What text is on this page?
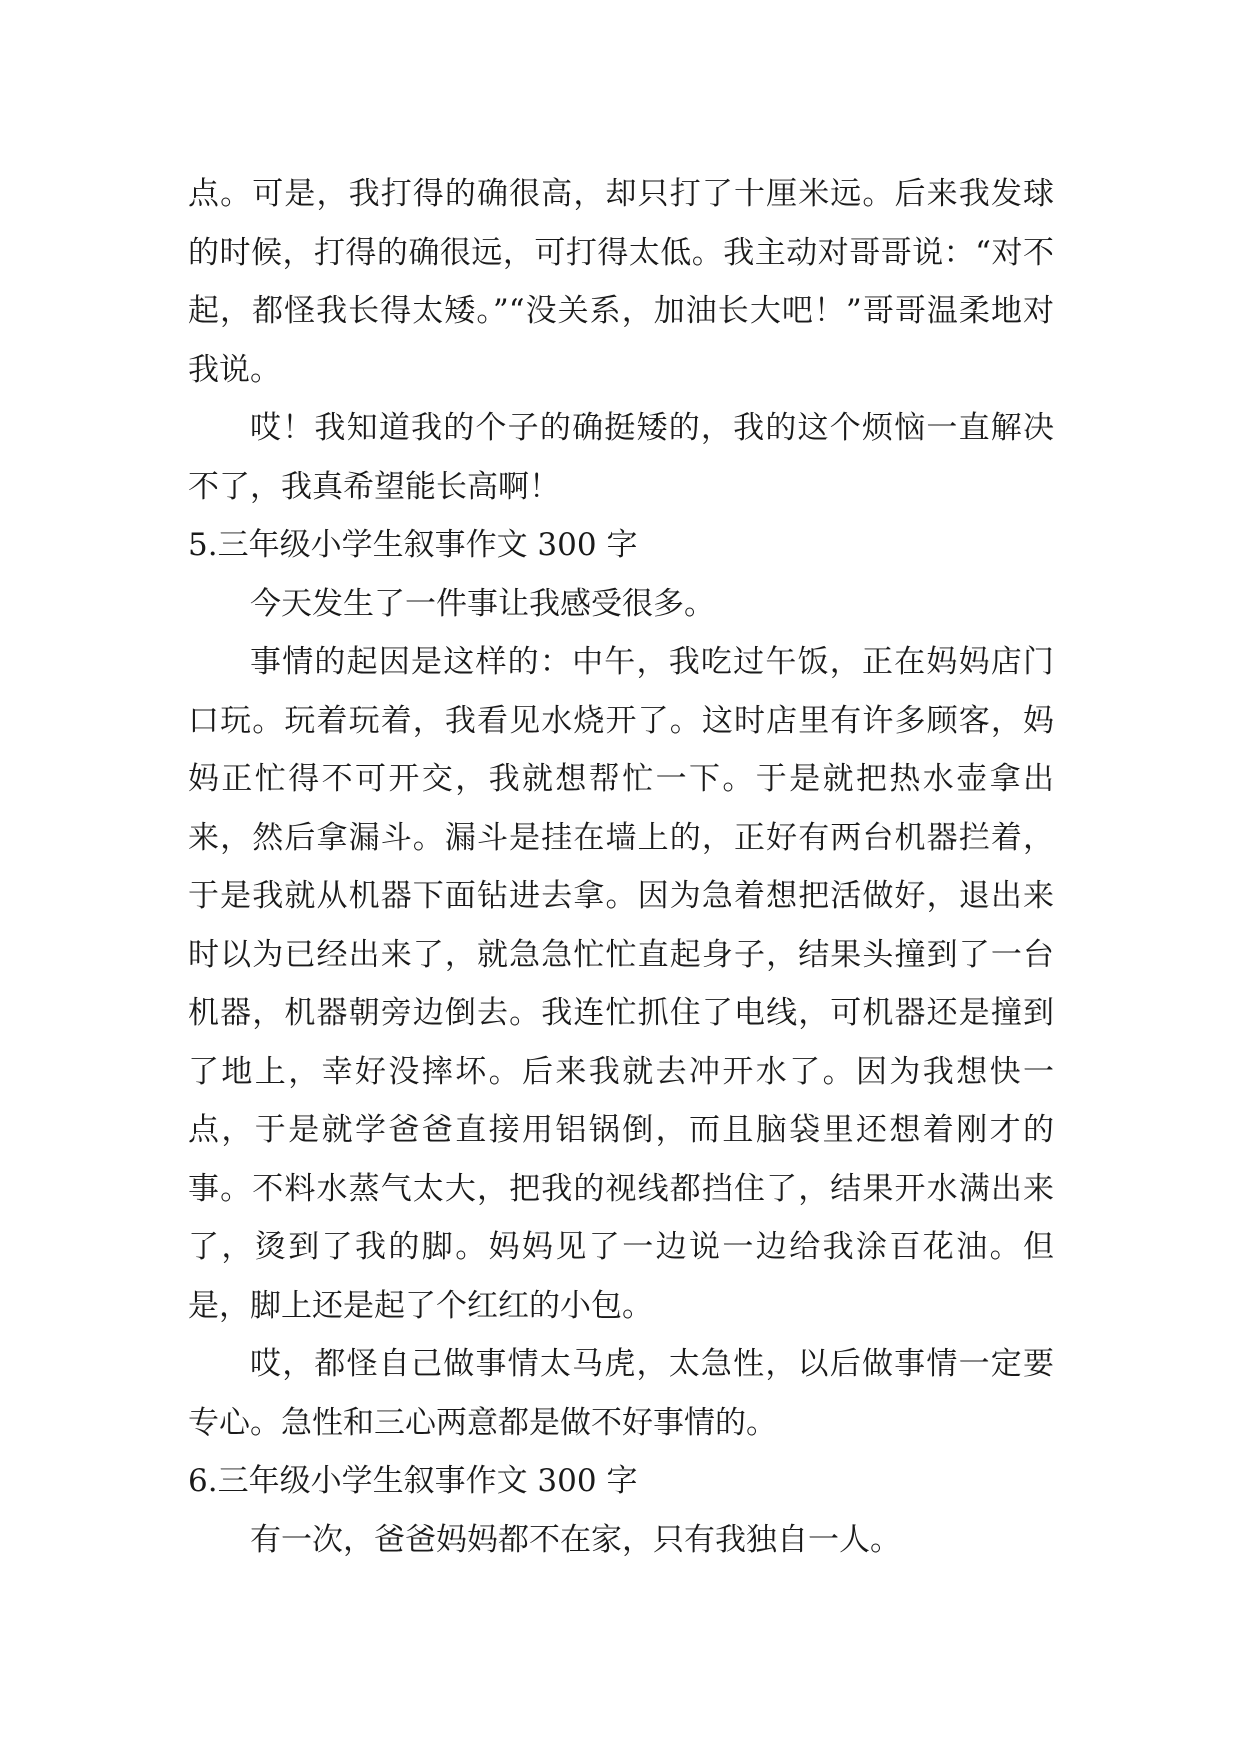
点。可是，我打得的确很高，却只打了十厘米远。后来我发球的时候，打得的确很远，可打得太低。我主动对哥哥说：“对不起，都怪我长得太矮。”“没关系，加油长大吧！”哥哥温柔地对我说。

哎！我知道我的个子的确挺矮的，我的这个烦恼一直解决不了，我真希望能长高啊！

5.三年级小学生叙事作文 300 字

今天发生了一件事让我感受很多。

事情的起因是这样的：中午，我吃过午饭，正在妈妈店门口玩。玩着玩着，我看见水烧开了。这时店里有许多顾客，妈妈正忙得不可开交，我就想帮忙一下。于是就把热水壶拿出来，然后拿漏斗。漏斗是挂在墙上的，正好有两台机器拦着，于是我就从机器下面钻进去拿。因为急着想把活做好，退出来时以为已经出来了，就急急忙忙直起身子，结果头撞到了一台机器，机器朝旁边倒去。我连忙抓住了电线，可机器还是撞到了地上，幸好没摔坏。后来我就去冲开水了。因为我想快一点，于是就学爸爸直接用铝锅倒，而且脑袋里还想着刚才的事。不料水蒸气太大，把我的视线都挡住了，结果开水满出来了，烫到了我的脚。妈妈见了一边说一边给我涂百花油。但是，脚上还是起了个红红的小包。

哎，都怪自己做事情太马虎，太急性，以后做事情一定要专心。急性和三心两意都是做不好事情的。

6.三年级小学生叙事作文 300 字

有一次，爸爸妈妈都不在家，只有我独自一人。
